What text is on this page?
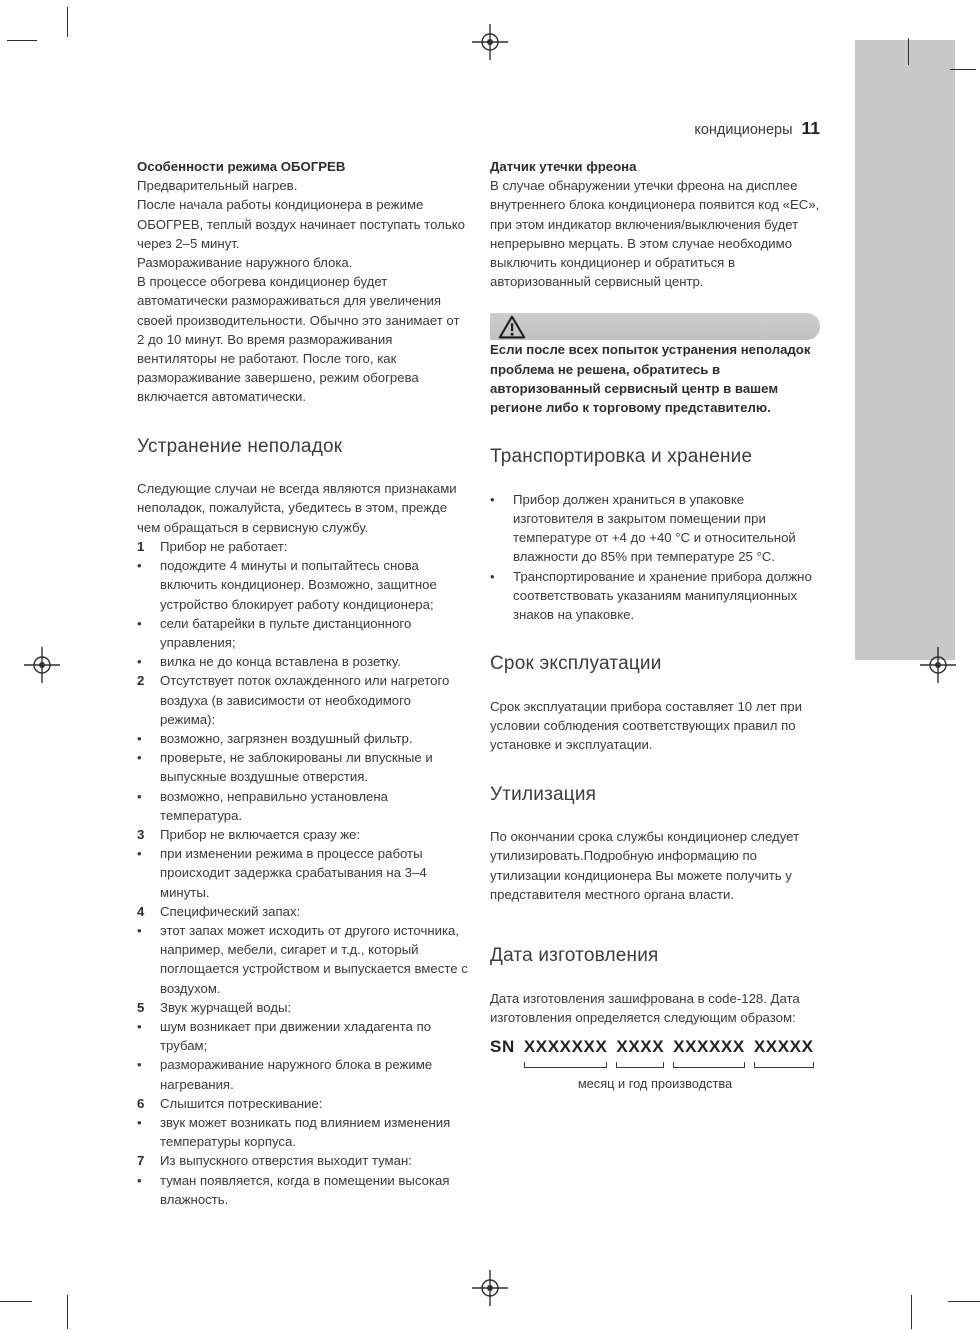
кондиционеры 11
Особенности режима ОБОГРЕВ

Предварительный нагрев.

После начала работы кондиционера в режиме ОБОГРЕВ, теплый воздух начинает поступать только через 2–5 минут.

Размораживание наружного блока.

В процессе обогрева кондиционер будет автоматически размораживаться для увеличения своей производительности. Обычно это занимает от 2 до 10 минут. Во время размораживания вентиляторы не работают. После того, как размораживание завершено, режим обогрева включается автоматически.

Устранение неполадок

Следующие случаи не всегда являются признаками неполадок, пожалуйста, убедитесь в этом, прежде чем обращаться в сервисную службу.

1	Прибор не работает:
•	подождите 4 минуты и попытайтесь снова включить кондиционер. Возможно, защитное устройство блокирует работу кондиционера;
•	сели батарейки в пульте дистанционного управления;
•	вилка не до конца вставлена в розетку.
2	Отсутствует поток охлажденного или нагретого воздуха (в зависимости от необходимого режима):
•	возможно, загрязнен воздушный фильтр.
•	проверьте, не заблокированы ли впускные и выпускные воздушные отверстия.
•	возможно, неправильно установлена температура.
3	Прибор не включается сразу же:
•	при изменении режима в процессе работы происходит задержка срабатывания на 3–4 минуты.
4	Специфический запах:
•	этот запах может исходить от другого источника, например, мебели, сигарет и т.д., который поглощается устройством и выпускается вместе с воздухом.
5	Звук журчащей воды:
•	шум возникает при движении хладагента по трубам;
•	размораживание наружного блока в режиме нагревания.
6	Слышится потрескивание:
•	звук может возникать под влиянием изменения температуры корпуса.
7	Из выпускного отверстия выходит туман:
•	туман появляется, когда в помещении высокая влажность.
Датчик утечки фреона

В случае обнаружении утечки фреона на дисплее внутреннего блока кондиционера появится код «ЕС», при этом индикатор включения/выключения будет непрерывно мерцать. В этом случае необходимо выключить кондиционер и обратиться в авторизованный сервисный центр.

Если после всех попыток устранения неполадок проблема не решена, обратитесь в авторизованный сервисный центр в вашем регионе либо к торговому представителю.

Транспортировка и хранение
•	Прибор должен храниться в упаковке изготовителя в закрытом помещении при температуре от +4 до +40 °С и относительной влажности до 85% при температуре 25 °С.
•	Транспортирование и хранение прибора должно соответствовать указаниям манипуляционных знаков на упаковке.
Срок эксплуатации

Срок эксплуатации прибора составляет 10 лет при условии соблюдения соответствующих правил по установке и эксплуатации.

Утилизация

По окончании срока службы кондиционер следует утилизировать.Подробную информацию по утилизации кондиционера Вы можете получить у представителя местного органа власти.

Дата изготовления

Дата изготовления зашифрована в code-128. Дата изготовления определяется следующим образом:

SN XXXXXXX XXXX XXXXXX XXXXX
месяц и год производства
